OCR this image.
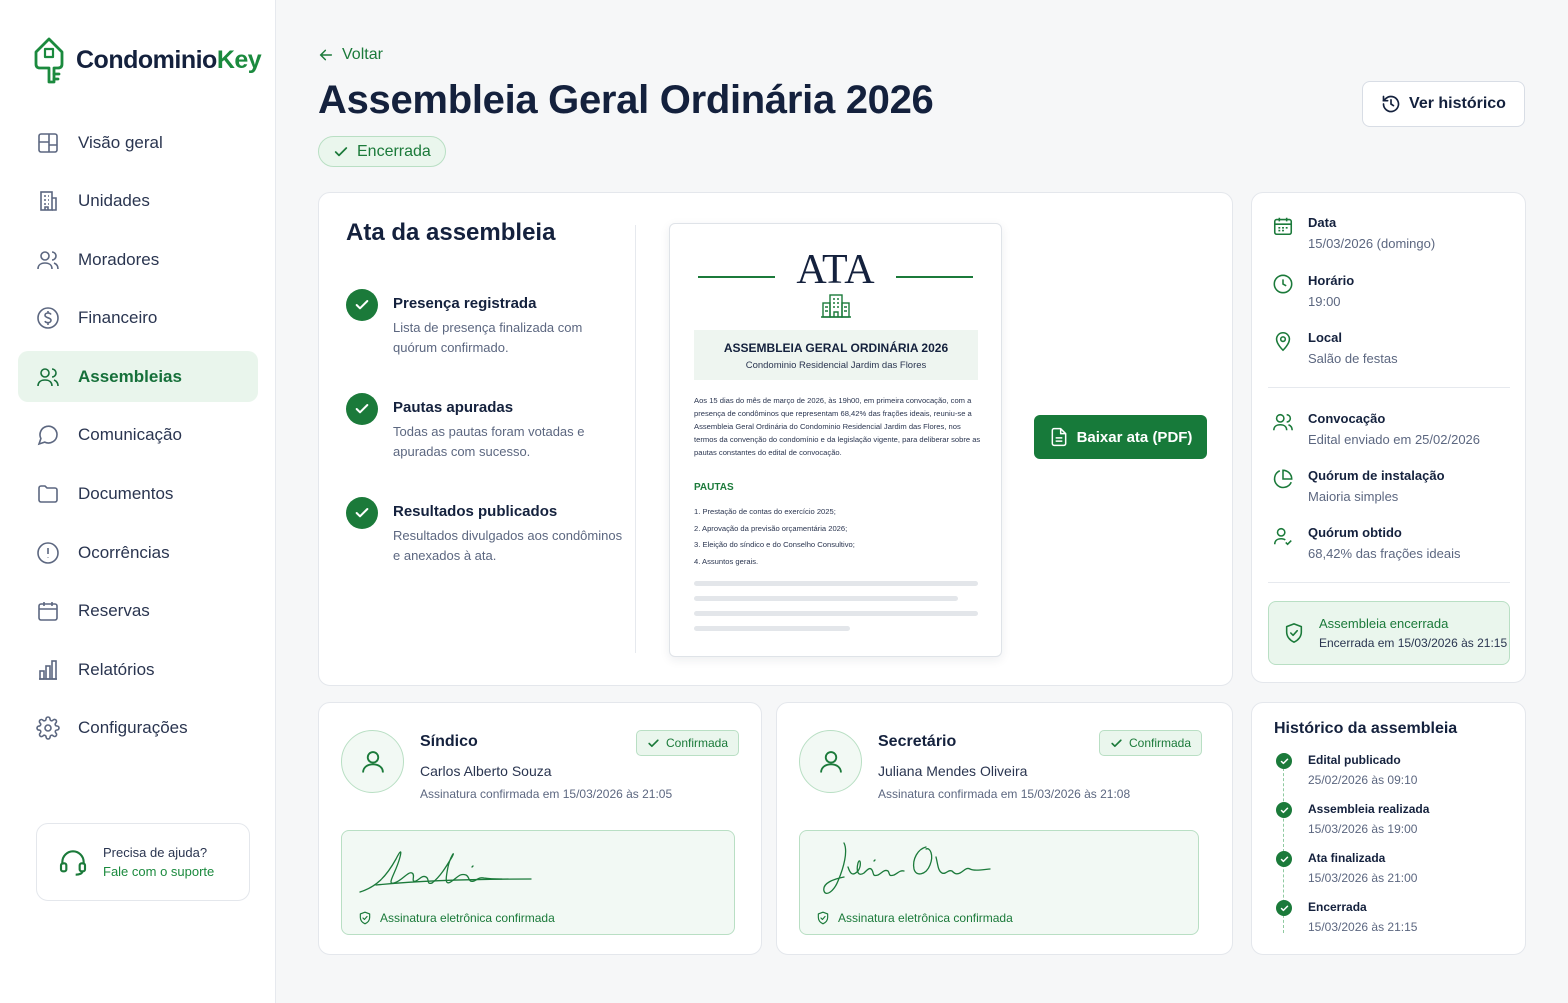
CondominioKey
Visão geral
Unidades
Moradores
Financeiro
Assembleias
Comunicação
Documentos
Ocorrências
Reservas
Relatórios
Configurações
Precisa de ajuda?
Fale com o suporte
Voltar
Assembleia Geral Ordinária 2026
Encerrada
Ver histórico
Ata da assembleia
Presença registrada
Lista de presença finalizada com quórum confirmado.
Pautas apuradas
Todas as pautas foram votadas e apuradas com sucesso.
Resultados publicados
Resultados divulgados aos condôminos e anexados à ata.
ATA
ASSEMBLEIA GERAL ORDINÁRIA 2026
Condominio Residencial Jardim das Flores

Aos 15 dias do mês de março de 2026, às 19h00, em primeira convocação, com a presença de condôminos que representam 68,42% das frações ideais, reuniu-se a Assembleia Geral Ordinária do Condominio Residencial Jardim das Flores, nos termos da convenção do condomínio e da legislação vigente, para deliberar sobre as pautas constantes do edital de convocação.

PAUTAS
1. Prestação de contas do exercício 2025;
2. Aprovação da previsão orçamentária 2026;
3. Eleição do síndico e do Conselho Consultivo;
4. Assuntos gerais.
Baixar ata (PDF)
Data
15/03/2026 (domingo)
Horário
19:00
Local
Salão de festas
Convocação
Edital enviado em 25/02/2026
Quórum de instalação
Maioria simples
Quórum obtido
68,42% das frações ideais
Assembleia encerrada
Encerrada em 15/03/2026 às 21:15
Síndico
Carlos Alberto Souza
Assinatura confirmada em 15/03/2026 às 21:05
Confirmada
Assinatura eletrônica confirmada
Secretário
Juliana Mendes Oliveira
Assinatura confirmada em 15/03/2026 às 21:08
Confirmada
Assinatura eletrônica confirmada
Histórico da assembleia
Edital publicado
25/02/2026 às 09:10
Assembleia realizada
15/03/2026 às 19:00
Ata finalizada
15/03/2026 às 21:00
Encerrada
15/03/2026 às 21:15
